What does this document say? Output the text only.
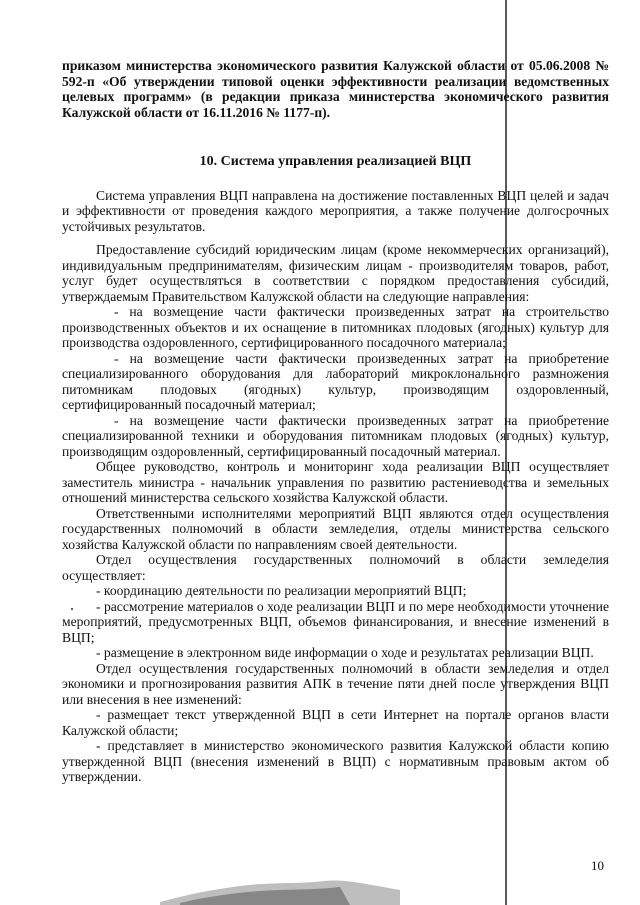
приказом министерства экономического развития Калужской области от 05.06.2008 № 592-п «Об утверждении типовой оценки эффективности реализации ведомственных целевых программ» (в редакции приказа министерства экономического развития Калужской области от 16.11.2016 № 1177-п).

10. Система управления реализацией ВЦП

Система управления ВЦП направлена на достижение поставленных ВЦП целей и задач и эффективности от проведения каждого мероприятия, а также получение долгосрочных устойчивых результатов.

Предоставление субсидий юридическим лицам (кроме некоммерческих организаций), индивидуальным предпринимателям, физическим лицам - производителям товаров, работ, услуг будет осуществляться в соответствии с порядком предоставления субсидий, утверждаемым Правительством Калужской области на следующие направления:

- на возмещение части фактически произведенных затрат на строительство производственных объектов и их оснащение в питомниках плодовых (ягодных) культур для производства оздоровленного, сертифицированного посадочного материала;

- на возмещение части фактически произведенных затрат на приобретение специализированного оборудования для лабораторий микроклонального размножения питомникам плодовых (ягодных) культур, производящим оздоровленный, сертифицированный посадочный материал;

- на возмещение части фактически произведенных затрат на приобретение специализированной техники и оборудования питомникам плодовых (ягодных) культур, производящим оздоровленный, сертифицированный посадочный материал.

Общее руководство, контроль и мониторинг хода реализации ВЦП осуществляет заместитель министра - начальник управления по развитию растениеводства и земельных отношений министерства сельского хозяйства Калужской области.

Ответственными исполнителями мероприятий ВЦП являются отдел осуществления государственных полномочий в области земледелия, отделы министерства сельского хозяйства Калужской области по направлениям своей деятельности.

Отдел осуществления государственных полномочий в области земледелия осуществляет:

- координацию деятельности по реализации мероприятий ВЦП;

- рассмотрение материалов о ходе реализации ВЦП и по мере необходимости уточнение мероприятий, предусмотренных ВЦП, объемов финансирования, и внесение изменений в ВЦП;

- размещение в электронном виде информации о ходе и результатах реализации ВЦП.

Отдел осуществления государственных полномочий в области земледелия и отдел экономики и прогнозирования развития АПК в течение пяти дней после утверждения ВЦП или внесения в нее изменений:

- размещает текст утвержденной ВЦП в сети Интернет на портале органов власти Калужской области;

- представляет в министерство экономического развития Калужской области копию утвержденной ВЦП (внесения изменений в ВЦП) с нормативным правовым актом об утверждении.

10
